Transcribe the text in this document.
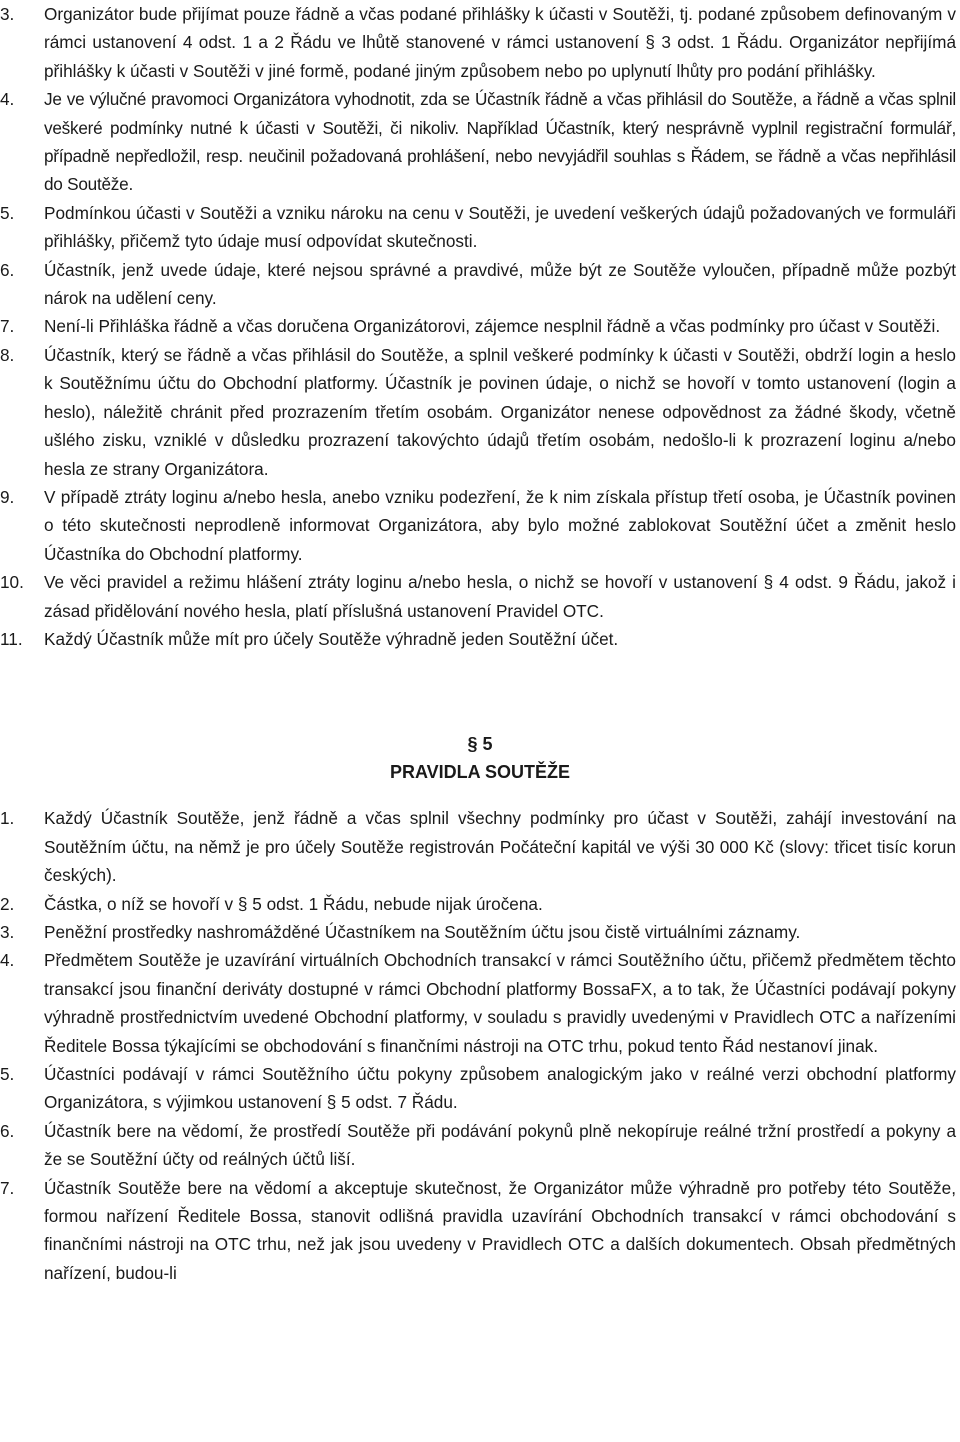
3. Organizátor bude přijímat pouze řádně a včas podané přihlášky k účasti v Soutěži, tj. podané způsobem definovaným v rámci ustanovení 4 odst. 1 a 2 Řádu ve lhůtě stanovené v rámci ustanovení § 3 odst. 1 Řádu. Organizátor nepřijímá přihlášky k účasti v Soutěži v jiné formě, podané jiným způsobem nebo po uplynutí lhůty pro podání přihlášky.

4. Je ve výlučné pravomoci Organizátora vyhodnotit, zda se Účastník řádně a včas přihlásil do Soutěže, a řádně a včas splnil veškeré podmínky nutné k účasti v Soutěži, či nikoliv. Například Účastník, který nesprávně vyplnil registrační formulář, případně nepředložil, resp. neučinil požadovaná prohlášení, nebo nevyjádřil souhlas s Řádem, se řádně a včas nepřihlásil do Soutěže.

5. Podmínkou účasti v Soutěži a vzniku nároku na cenu v Soutěži, je uvedení veškerých údajů požadovaných ve formuláři přihlášky, přičemž tyto údaje musí odpovídat skutečnosti.

6. Účastník, jenž uvede údaje, které nejsou správné a pravdivé, může být ze Soutěže vyloučen, případně může pozbýt nárok na udělení ceny.

7. Není-li Přihláška řádně a včas doručena Organizátorovi, zájemce nesplnil řádně a včas podmínky pro účast v Soutěži.

8. Účastník, který se řádně a včas přihlásil do Soutěže, a splnil veškeré podmínky k účasti v Soutěži, obdrží login a heslo k Soutěžnímu účtu do Obchodní platformy. Účastník je povinen údaje, o nichž se hovoří v tomto ustanovení (login a heslo), náležitě chránit před prozrazením třetím osobám. Organizátor nenese odpovědnost za žádné škody, včetně ušlého zisku, vzniklé v důsledku prozrazení takovýchto údajů třetím osobám, nedošlo-li k prozrazení loginu a/nebo hesla ze strany Organizátora.

9. V případě ztráty loginu a/nebo hesla, anebo vzniku podezření, že k nim získala přístup třetí osoba, je Účastník povinen o této skutečnosti neprodleně informovat Organizátora, aby bylo možné zablokovat Soutěžní účet a změnit heslo Účastníka do Obchodní platformy.

10. Ve věci pravidel a režimu hlášení ztráty loginu a/nebo hesla, o nichž se hovoří v ustanovení § 4 odst. 9 Řádu, jakož i zásad přidělování nového hesla, platí příslušná ustanovení Pravidel OTC.

11. Každý Účastník může mít pro účely Soutěže výhradně jeden Soutěžní účet.

§ 5
PRAVIDLA SOUTĚŽE

1. Každý Účastník Soutěže, jenž řádně a včas splnil všechny podmínky pro účast v Soutěži, zahájí investování na Soutěžním účtu, na němž je pro účely Soutěže registrován Počáteční kapitál ve výši 30 000 Kč (slovy: třicet tisíc korun českých).

2. Částka, o níž se hovoří v § 5 odst. 1 Řádu, nebude nijak úročena.

3. Peněžní prostředky nashromážděné Účastníkem na Soutěžním účtu jsou čistě virtuálními záznamy.

4. Předmětem Soutěže je uzavírání virtuálních Obchodních transakcí v rámci Soutěžního účtu, přičemž předmětem těchto transakcí jsou finanční deriváty dostupné v rámci Obchodní platformy BossaFX, a to tak, že Účastníci podávají pokyny výhradně prostřednictvím uvedené Obchodní platformy, v souladu s pravidly uvedenými v Pravidlech OTC a nařízeními Ředitele Bossa týkajícími se obchodování s finančními nástroji na OTC trhu, pokud tento Řád nestanoví jinak.

5. Účastníci podávají v rámci Soutěžního účtu pokyny způsobem analogickým jako v reálné verzi obchodní platformy Organizátora, s výjimkou ustanovení § 5 odst. 7 Řádu.

6. Účastník bere na vědomí, že prostředí Soutěže při podávání pokynů plně nekopíruje reálné tržní prostředí a pokyny a že se Soutěžní účty od reálných účtů liší.

7. Účastník Soutěže bere na vědomí a akceptuje skutečnost, že Organizátor může výhradně pro potřeby této Soutěže, formou nařízení Ředitele Bossa, stanovit odlišná pravidla uzavírání Obchodních transakcí v rámci obchodování s finančními nástroji na OTC trhu, než jak jsou uvedeny v Pravidlech OTC a dalších dokumentech. Obsah předmětných nařízení, budou-li
